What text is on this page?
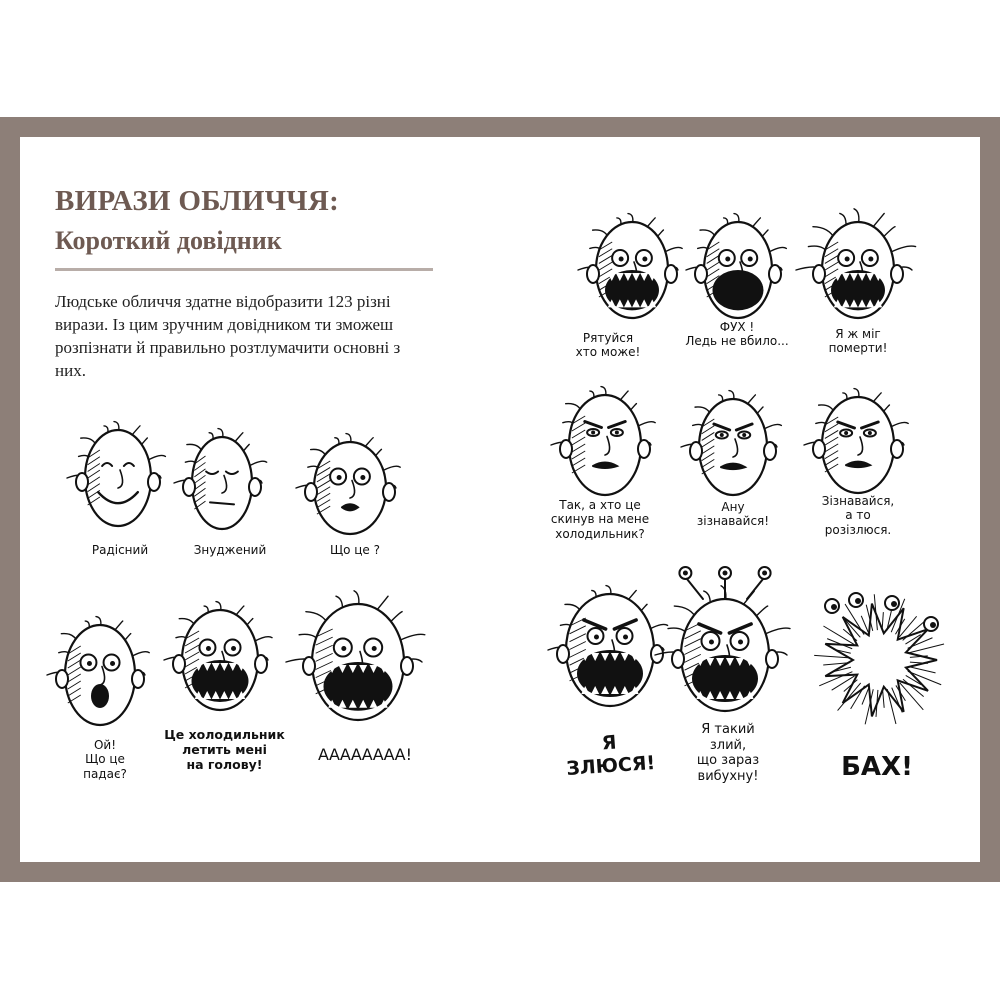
ВИРАЗИ ОБЛИЧЧЯ:
Короткий довідник
Людське обличчя здатне відобразити 123 різні вирази. Із цим зручним довідником ти зможеш розпізнати й правильно розтлумачити основні з них.
Радісний	Знуджений	Що це ?
Ой!
Що це
падає?
Це холодильник
летить мені
на голову!
АААААААА!
Рятуйся
хто може!
ФУХ !
Ледь не вбило...
Я ж міг
померти!
Так, а хто це
скинув на мене
холодильник?
Ану
зізнавайся!
Зізнавайся,
а то
розізлюся.
Я
ЗЛЮСЯ!
Я такий
злий,
що зараз
вибухну!	БАХ!
